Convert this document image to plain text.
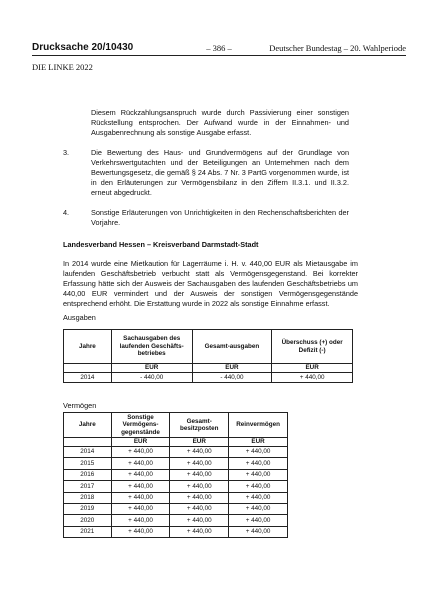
Drucksache 20/10430	– 386 –	Deutscher Bundestag – 20. Wahlperiode
DIE LINKE 2022

Diesem Rückzahlungsanspruch wurde durch Passivierung einer sonstigen Rückstellung entsprochen. Der Aufwand wurde in der Einnahmen- und Ausgabenrechnung als sonstige Ausgabe erfasst.

3.	Die Bewertung des Haus- und Grundvermögens auf der Grundlage von Verkehrswertgutachten und der Beteiligungen an Unternehmen nach dem Bewertungsgesetz, die gemäß § 24 Abs. 7 Nr. 3 PartG vorgenommen wurde, ist in den Erläuterungen zur Vermögensbilanz in den Ziffern II.3.1. und II.3.2. erneut abgedruckt.

4.	Sonstige Erläuterungen von Unrichtigkeiten in den Rechenschaftsberichten der Vorjahre.

Landesverband Hessen – Kreisverband Darmstadt-Stadt

In 2014 wurde eine Mietkaution für Lagerräume i. H. v. 440,00 EUR als Mietausgabe im laufenden Geschäftsbetrieb verbucht statt als Vermögensgegenstand. Bei korrekter Erfassung hätte sich der Ausweis der Sachausgaben des laufenden Geschäftsbetriebs um 440,00 EUR vermindert und der Ausweis der sonstigen Vermögensgegenstände entsprechend erhöht. Die Erstattung wurde in 2022 als sonstige Einnahme erfasst.

Ausgaben
Jahre	Sachausgaben des laufenden Geschäfts-betriebes	Gesamt-ausgaben	Überschuss (+) oder Defizit (-)
	EUR	EUR	EUR
2014	- 440,00	- 440,00	+ 440,00
Vermögen
Jahre	Sonstige Vermögens-gegenstände	Gesamt-besitzposten	Reinvermögen
	EUR	EUR	EUR
2014	+ 440,00	+ 440,00	+ 440,00
2015	+ 440,00	+ 440,00	+ 440,00
2016	+ 440,00	+ 440,00	+ 440,00
2017	+ 440,00	+ 440,00	+ 440,00
2018	+ 440,00	+ 440,00	+ 440,00
2019	+ 440,00	+ 440,00	+ 440,00
2020	+ 440,00	+ 440,00	+ 440,00
2021	+ 440,00	+ 440,00	+ 440,00
